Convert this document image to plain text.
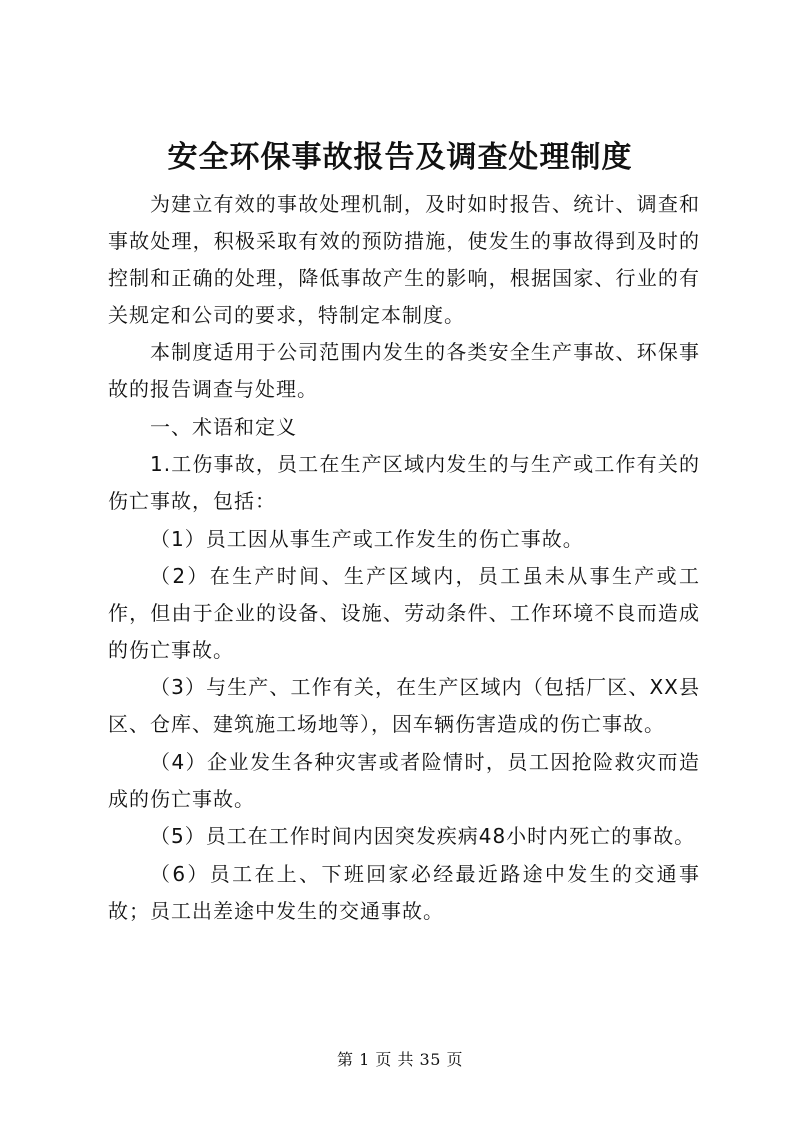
安全环保事故报告及调查处理制度

为建立有效的事故处理机制，及时如时报告、统计、调查和事故处理，积极采取有效的预防措施，使发生的事故得到及时的控制和正确的处理，降低事故产生的影响，根据国家、行业的有关规定和公司的要求，特制定本制度。

本制度适用于公司范围内发生的各类安全生产事故、环保事故的报告调查与处理。

一、术语和定义

1.工伤事故，员工在生产区域内发生的与生产或工作有关的伤亡事故，包括：

（1）员工因从事生产或工作发生的伤亡事故。

（2）在生产时间、生产区域内，员工虽未从事生产或工作，但由于企业的设备、设施、劳动条件、工作环境不良而造成的伤亡事故。

（3）与生产、工作有关，在生产区域内（包括厂区、XX县区、仓库、建筑施工场地等），因车辆伤害造成的伤亡事故。

（4）企业发生各种灾害或者险情时，员工因抢险救灾而造成的伤亡事故。

（5）员工在工作时间内因突发疾病48小时内死亡的事故。

（6）员工在上、下班回家必经最近路途中发生的交通事故；员工出差途中发生的交通事故。

第 1 页 共 35 页
